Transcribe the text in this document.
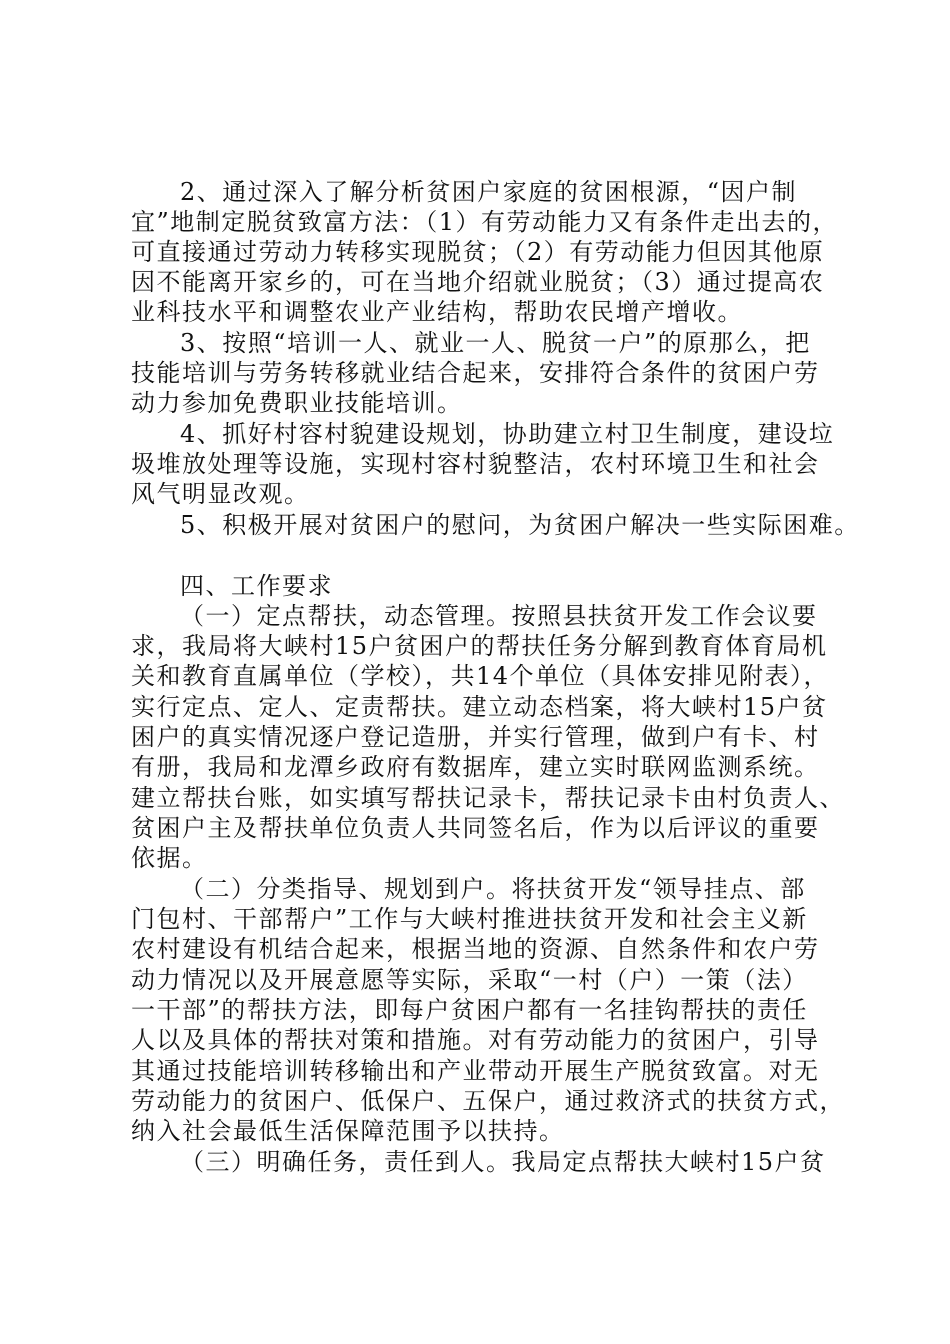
2、通过深入了解分析贫困户家庭的贫困根源，“因户制
宜”地制定脱贫致富方法：（1）有劳动能力又有条件走出去的，
可直接通过劳动力转移实现脱贫；（2）有劳动能力但因其他原
因不能离开家乡的，可在当地介绍就业脱贫；（3）通过提高农
业科技水平和调整农业产业结构，帮助农民增产增收。
3、按照“培训一人、就业一人、脱贫一户”的原那么，把
技能培训与劳务转移就业结合起来，安排符合条件的贫困户劳
动力参加免费职业技能培训。
4、抓好村容村貌建设规划，协助建立村卫生制度，建设垃
圾堆放处理等设施，实现村容村貌整洁，农村环境卫生和社会
风气明显改观。
5、积极开展对贫困户的慰问，为贫困户解决一些实际困难。
四、工作要求
（一）定点帮扶，动态管理。按照县扶贫开发工作会议要
求，我局将大峡村15户贫困户的帮扶任务分解到教育体育局机
关和教育直属单位（学校），共14个单位（具体安排见附表），
实行定点、定人、定责帮扶。建立动态档案，将大峡村15户贫
困户的真实情况逐户登记造册，并实行管理，做到户有卡、村
有册，我局和龙潭乡政府有数据库，建立实时联网监测系统。
建立帮扶台账，如实填写帮扶记录卡，帮扶记录卡由村负责人、
贫困户主及帮扶单位负责人共同签名后，作为以后评议的重要
依据。
（二）分类指导、规划到户。将扶贫开发“领导挂点、部
门包村、干部帮户”工作与大峡村推进扶贫开发和社会主义新
农村建设有机结合起来，根据当地的资源、自然条件和农户劳
动力情况以及开展意愿等实际，采取“一村（户）一策（法）
一干部”的帮扶方法，即每户贫困户都有一名挂钩帮扶的责任
人以及具体的帮扶对策和措施。对有劳动能力的贫困户，引导
其通过技能培训转移输出和产业带动开展生产脱贫致富。对无
劳动能力的贫困户、低保户、五保户，通过救济式的扶贫方式，
纳入社会最低生活保障范围予以扶持。
（三）明确任务，责任到人。我局定点帮扶大峡村15户贫
